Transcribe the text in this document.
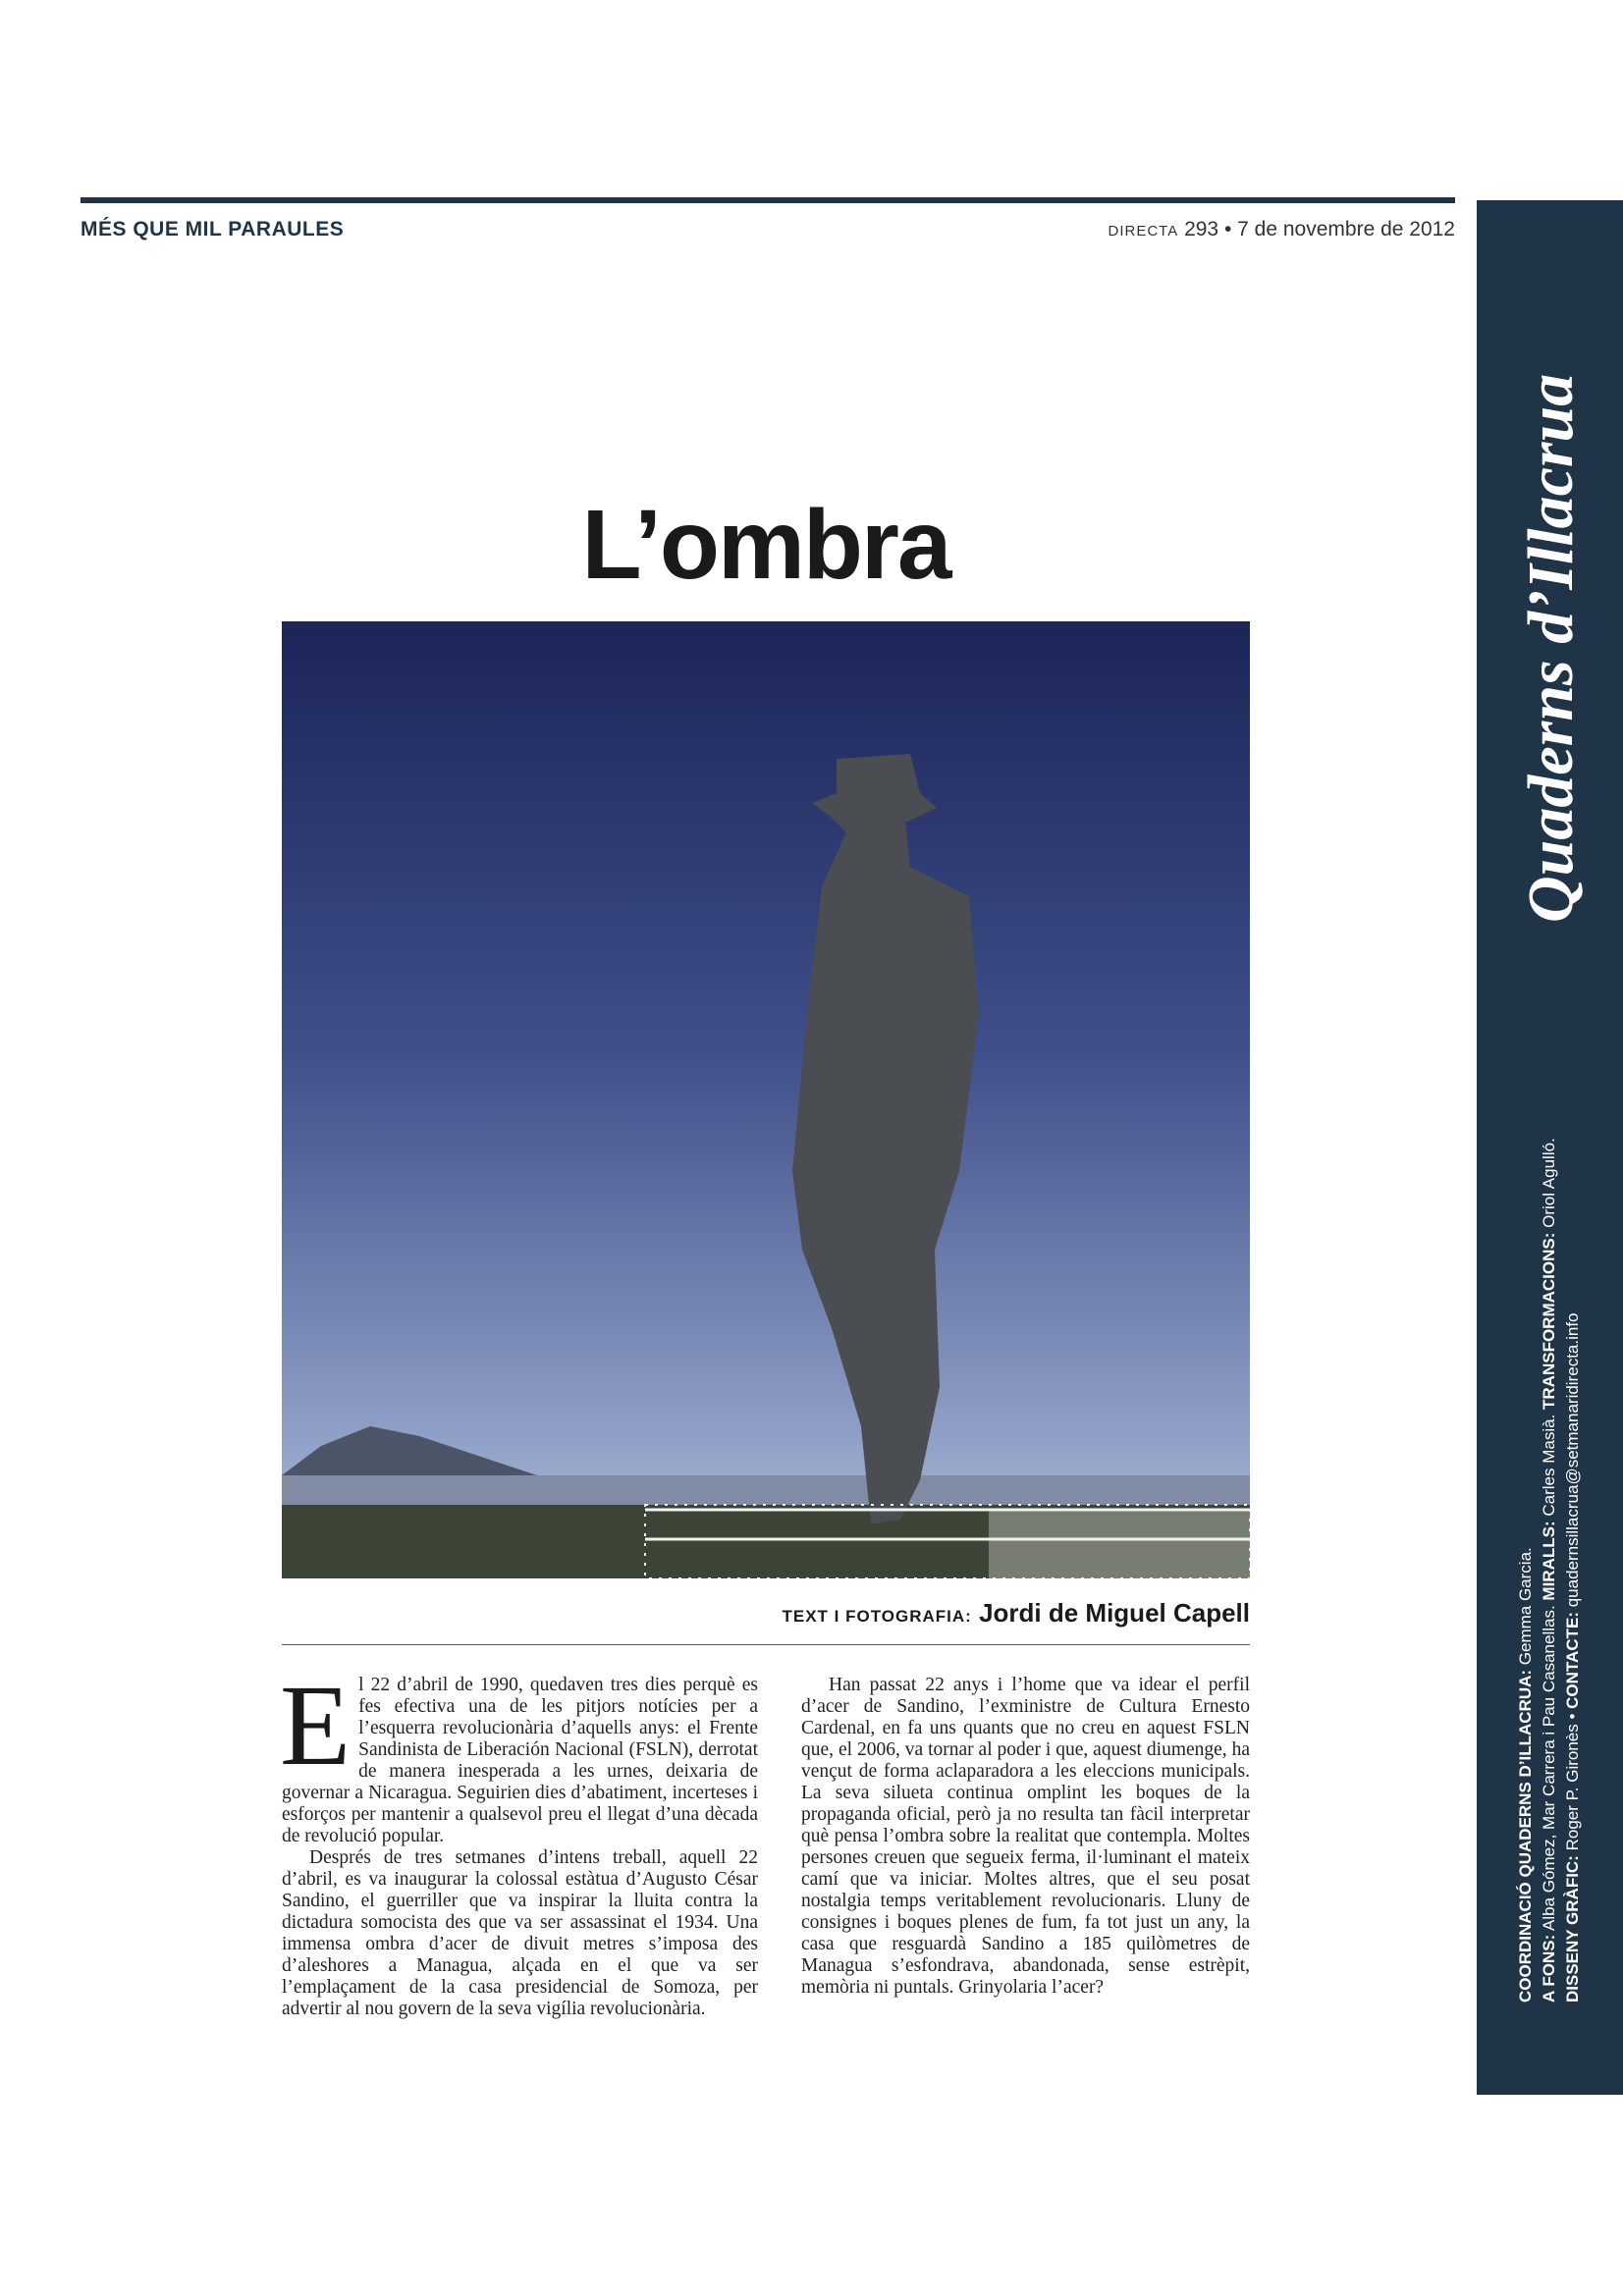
MÉS QUE MIL PARAULES	DIRECTA 293 • 7 de novembre de 2012
Quaderns d’Illacrua
COORDINACIÓ QUADERNS D’ILLACRUA: Gemma Garcia.
A FONS: Alba Gómez, Mar Carrera i Pau Casanellas. MIRALLS: Carles Masià. TRANSFORMACIONS: Oriol Agulló.
DISSENY GRÀFIC: Roger P. Gironès • CONTACTE: quadernsillacrua@setmanaridirecta.info
L’ombra
TEXT I FOTOGRAFIA: Jordi de Miguel Capell

El 22 d’abril de 1990, quedaven tres dies perquè es fes efectiva una de les pitjors notícies per a l’esquerra revolucionària d’aquells anys: el Frente Sandinista de Liberación Nacional (FSLN), derrotat de manera inesperada a les urnes, deixaria de governar a Nicaragua. Seguirien dies d’abatiment, incerteses i esforços per mantenir a qualsevol preu el llegat d’una dècada de revolució popular.

Després de tres setmanes d’intens treball, aquell 22 d’abril, es va inaugurar la colossal estàtua d’Augusto César Sandino, el guerriller que va inspirar la lluita contra la dictadura somocista des que va ser assassinat el 1934. Una immensa ombra d’acer de divuit metres s’imposa des d’aleshores a Managua, alçada en el que va ser l’emplaçament de la casa presidencial de Somoza, per advertir al nou govern de la seva vigília revolucionària.

Han passat 22 anys i l’home que va idear el perfil d’acer de Sandino, l’exministre de Cultura Ernesto Cardenal, en fa uns quants que no creu en aquest FSLN que, el 2006, va tornar al poder i que, aquest diumenge, ha vençut de forma aclaparadora a les eleccions municipals. La seva silueta continua omplint les boques de la propaganda oficial, però ja no resulta tan fàcil interpretar què pensa l’ombra sobre la realitat que contempla. Moltes persones creuen que segueix ferma, il·luminant el mateix camí que va iniciar. Moltes altres, que el seu posat nostalgia temps veritablement revolucionaris. Lluny de consignes i boques plenes de fum, fa tot just un any, la casa que resguardà Sandino a 185 quilòmetres de Managua s’esfondrava, abandonada, sense estrèpit, memòria ni puntals. Grinyolaria l’acer?
